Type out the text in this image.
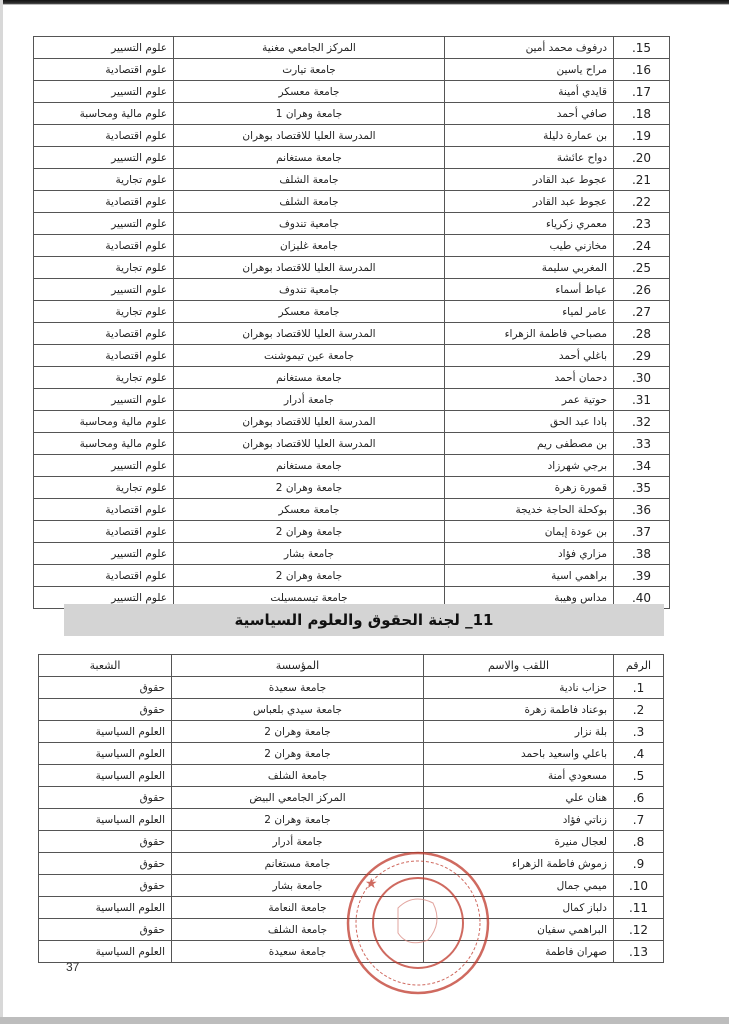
.15	درفوف محمد أمين	المركز الجامعي مغنية	علوم التسيير
.16	مراح ياسين	جامعة تيارت	علوم اقتصادية
.17	قايدي أمينة	جامعة معسكر	علوم التسيير
.18	صافي أحمد	جامعة وهران 1	علوم مالية ومحاسبة
.19	بن عمارة دليلة	المدرسة العليا للاقتصاد بوهران	علوم اقتصادية
.20	دواح عائشة	جامعة مستغانم	علوم التسيير
.21	عجوط عبد القادر	جامعة الشلف	علوم تجارية
.22	عجوط عبد القادر	جامعة الشلف	علوم اقتصادية
.23	معمري زكرياء	جامعية تندوف	علوم التسيير
.24	مخازني طيب	جامعة غليزان	علوم اقتصادية
.25	المغربي سليمة	المدرسة العليا للاقتصاد بوهران	علوم تجارية
.26	عياط أسماء	جامعية تندوف	علوم التسيير
.27	عامر لمياء	جامعة معسكر	علوم تجارية
.28	مصباحي فاطمة الزهراء	المدرسة العليا للاقتصاد بوهران	علوم اقتصادية
.29	باغلي أحمد	جامعة عين تيموشنت	علوم اقتصادية
.30	دحمان أحمد	جامعة مستغانم	علوم تجارية
.31	حوتية عمر	جامعة أدرار	علوم التسيير
.32	بادا عبد الحق	المدرسة العليا للاقتصاد بوهران	علوم مالية ومحاسبة
.33	بن مصطفى ريم	المدرسة العليا للاقتصاد بوهران	علوم مالية ومحاسبة
.34	برجي شهرزاد	جامعة مستغانم	علوم التسيير
.35	قمورة زهرة	جامعة وهران 2	علوم تجارية
.36	بوكحلة الحاجة خديجة	جامعة معسكر	علوم اقتصادية
.37	بن عودة إيمان	جامعة وهران 2	علوم اقتصادية
.38	مزاري فؤاد	جامعة بشار	علوم التسيير
.39	براهمي اسية	جامعة وهران 2	علوم اقتصادية
.40	مداس وهيبة	جامعة تيسمسيلت	علوم التسيير
11_ لجنة الحقوق والعلوم السياسية
الرقم	اللقب والاسم	المؤسسة	الشعبة
.1	حزاب نادية	جامعة سعيدة	حقوق
.2	بوعناد فاطمة زهرة	جامعة سيدي بلعباس	حقوق
.3	بلة نزار	جامعة وهران 2	العلوم السياسية
.4	باعلي واسعيد باحمد	جامعة وهران 2	العلوم السياسية
.5	مسعودي أمنة	جامعة الشلف	العلوم السياسية
.6	هنان علي	المركز الجامعي البيض	حقوق
.7	زناتي فؤاد	جامعة وهران 2	العلوم السياسية
.8	لعجال منيرة	جامعة أدرار	حقوق
.9	زموش فاطمة الزهراء	جامعة مستغانم	حقوق
.10	ميمي جمال	جامعة بشار	حقوق
.11	دلباز كمال	جامعة النعامة	العلوم السياسية
.12	البراهمي سفيان	جامعة الشلف	حقوق
.13	صهران فاطمة	جامعة سعيدة	العلوم السياسية
★
37
